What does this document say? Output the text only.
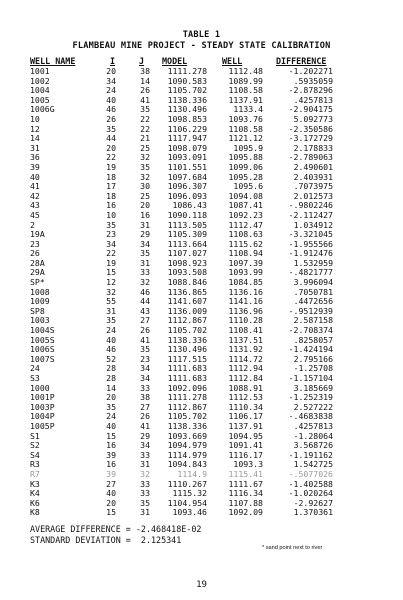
TABLE 1
FLAMBEAU MINE PROJECT - STEADY STATE CALIBRATION
WELL NAME	I	J MODEL	WELL	DIFFERENCE
1001	20	38	1111.278	1112.48	-1.202271
1002	34	14	1090.583	1089.99	.5935059
1004	24	26	1105.702	1108.58	-2.878296
1005	40	41	1138.336	1137.91	.4257813
1006G	46	35	1130.496	1133.4	-2.904175
10	26	22	1098.853	1093.76	5.092773
12	35	22	1106.229	1108.58	-2.350586
14	44	21	1117.947	1121.12	-3.172729
31	20	25	1098.079	1095.9	2.178833
36	22	32	1093.091	1095.88	-2.789063
39	19	35	1101.551	1099.06	2.490601
40	18	32	1097.684	1095.28	2.403931
41	17	30	1096.307	1095.6	.7073975
42	18	25	1096.093	1094.08	2.012573
43	16	20	1086.43	1087.41	-.9802246
45	10	16	1090.118	1092.23	-2.112427
2	35	31	1113.505	1112.47	1.034912
19A	23	29	1105.309	1108.63	-3.321045
23	34	34	1113.664	1115.62	-1.955566
26	22	35	1107.027	1108.94	-1.912476
28A	19	31	1098.923	1097.39	1.532959
29A	15	33	1093.508	1093.99	-.4821777
SP*	12	32	1088.846	1084.85	3.996094
1008	32	46	1136.865	1136.16	.7050781
1009	55	44	1141.607	1141.16	.4472656
SP8	31	43	1136.009	1136.96	-.9512939
1003	35	27	1112.867	1110.28	2.587158
1004S	24	26	1105.702	1108.41	-2.708374
1005S	40	41	1138.336	1137.51	.8258057
1006S	46	35	1130.496	1131.92	-1.424194
1007S	52	23	1117.515	1114.72	2.795166
24	28	34	1111.683	1112.94	-1.25708
S3	28	34	1111.683	1112.84	-1.157104
1000	14	33	1092.096	1088.91	3.185669
1001P	20	38	1111.278	1112.53	-1.252319
1003P	35	27	1112.867	1110.34	2.527222
1004P	24	26	1105.702	1106.17	-.4683838
1005P	40	41	1138.336	1137.91	.4257813
S1	15	29	1093.669	1094.95	-1.28064
S2	16	34	1094.979	1091.41	3.568726
S4	39	33	1114.979	1116.17	-1.191162
R3	16	31	1094.843	1093.3	1.542725
R7	39	32	1114.9	1115.41	-.5077026
K3	27	33	1110.267	1111.67	-1.402588
K4	40	33	1115.32	1116.34	-1.020264
K6	20	35	1104.954	1107.88	-2.92627
K8	15	31	1093.46	1092.09	1.370361
AVERAGE DIFFERENCE = -2.468418E-02
STANDARD DEVIATION =  2.125341
* sand point next to river
19
